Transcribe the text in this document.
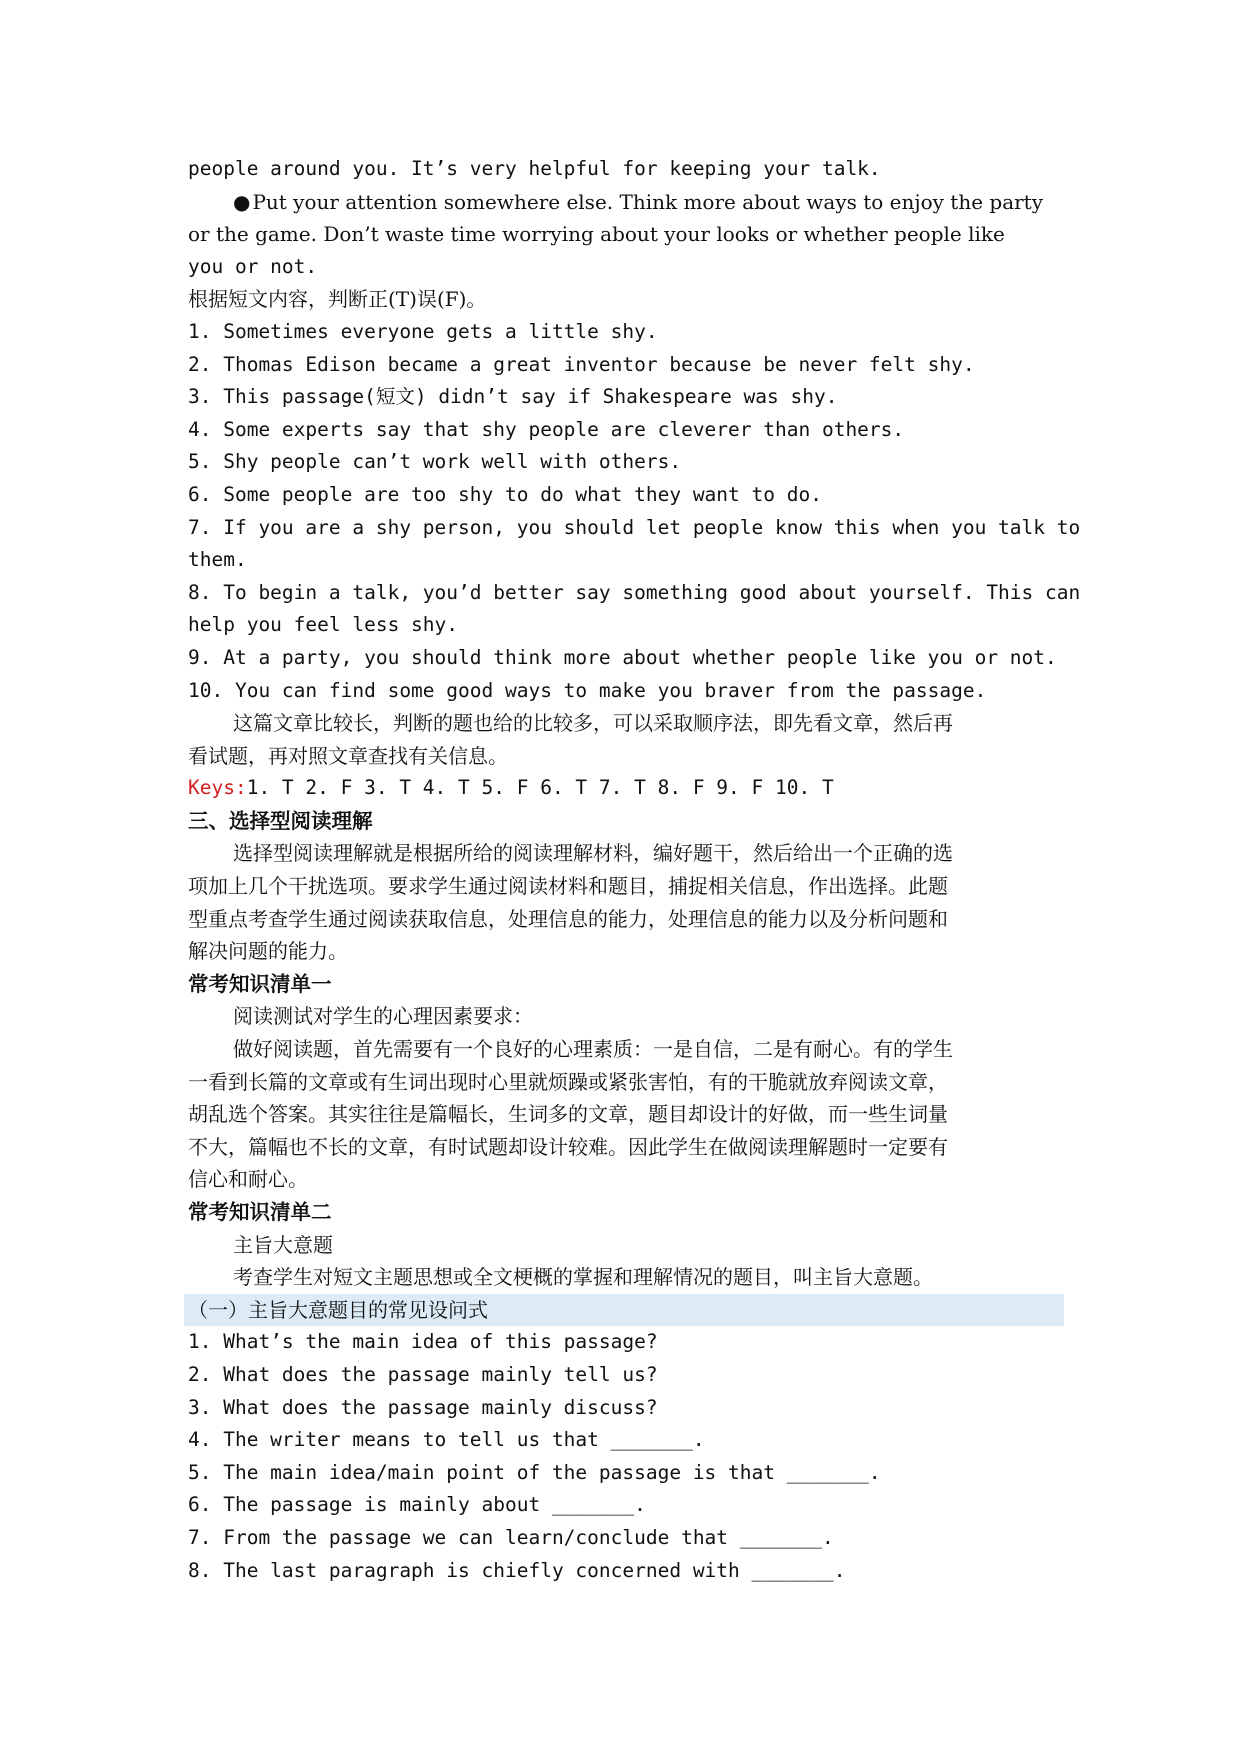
people around you. It’s very helpful for keeping your talk.
● Put your attention somewhere else. Think more about ways to enjoy the party
or the game. Don’t waste time worrying about your looks or whether people like
you or not.
根据短文内容，判断正(T)误(F)。
1. Sometimes everyone gets a little shy.
2. Thomas Edison became a great inventor because be never felt shy.
3. This passage(短文) didn’t say if Shakespeare was shy.
4. Some experts say that shy people are cleverer than others.
5. Shy people can’t work well with others.
6. Some people are too shy to do what they want to do.
7. If you are a shy person, you should let people know this when you talk to
them.
8. To begin a talk, you’d better say something good about yourself. This can
help you feel less shy.
9. At a party, you should think more about whether people like you or not.
10. You can find some good ways to make you braver from the passage.
这篇文章比较长，判断的题也给的比较多，可以采取顺序法，即先看文章，然后再
看试题，再对照文章查找有关信息。
Keys:1. T 2. F 3. T 4. T 5. F 6. T 7. T 8. F 9. F 10. T
三、选择型阅读理解
选择型阅读理解就是根据所给的阅读理解材料，编好题干，然后给出一个正确的选
项加上几个干扰选项。要求学生通过阅读材料和题目，捕捉相关信息，作出选择。此题
型重点考查学生通过阅读获取信息，处理信息的能力，处理信息的能力以及分析问题和
解决问题的能力。
常考知识清单一
阅读测试对学生的心理因素要求：
做好阅读题，首先需要有一个良好的心理素质：一是自信，二是有耐心。有的学生
一看到长篇的文章或有生词出现时心里就烦躁或紧张害怕，有的干脆就放弃阅读文章，
胡乱选个答案。其实往往是篇幅长，生词多的文章，题目却设计的好做，而一些生词量
不大，篇幅也不长的文章，有时试题却设计较难。因此学生在做阅读理解题时一定要有
信心和耐心。
常考知识清单二
主旨大意题
考查学生对短文主题思想或全文梗概的掌握和理解情况的题目，叫主旨大意题。
（一）主旨大意题目的常见设问式
1. What’s the main idea of this passage?
2. What does the passage mainly tell us?
3. What does the passage mainly discuss?
4. The writer means to tell us that _______.
5. The main idea/main point of the passage is that _______.
6. The passage is mainly about _______.
7. From the passage we can learn/conclude that _______.
8. The last paragraph is chiefly concerned with _______.
